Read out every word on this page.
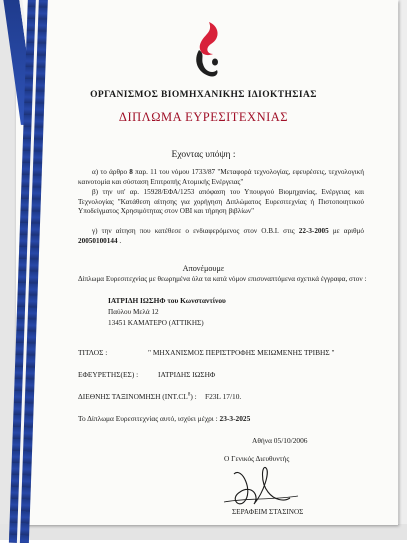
ΟΡΓΑΝΙΣΜΟΣ ΒΙΟΜΗΧΑΝΙΚΗΣ ΙΔΙΟΚΤΗΣΙΑΣ
ΔΙΠΛΩΜΑ ΕΥΡΕΣΙΤΕΧΝΙΑΣ
Εχοντας υπόψη :
α) το άρθρο 8 παρ. 11 του νόμου 1733/87 "Μεταφορά τεχνολογίας, εφευρέσεις, τεχνολογική καινοτομία και σύσταση Επιτροπής Ατομικής Ενέργειας"
β) την υπ' αρ. 15928/ΕΦΑ/1253 απόφαση του Υπουργού Βιομηχανίας, Ενέργειας και Τεχνολογίας "Κατάθεση αίτησης για χορήγηση Διπλώματος Ευρεσιτεχνίας ή Πιστοποιητικού Υποδείγματος Χρησιμότητας στον ΟΒΙ και τήρηση βιβλίων"
γ) την αίτηση που κατέθεσε ο ενδιαφερόμενος στον Ο.Β.Ι. στις 22-3-2005 με αριθμό 20050100144 .
Απονέμουμε
Δίπλωμα Ευρεσιτεχνίας με θεωρημένα όλα τα κατά νόμον επισυναπτόμενα σχετικά έγγραφα, στον :
ΙΑΤΡΙΔΗ ΙΩΣΗΦ του Κωνσταντίνου
Παύλου Μελά 12
13451 ΚΑΜΑΤΕΡΟ (ΑΤΤΙΚΗΣ)
ΤΙΤΛΟΣ :	" ΜΗΧΑΝΙΣΜΟΣ ΠΕΡΙΣΤΡΟΦΗΣ ΜΕΙΩΜΕΝΗΣ ΤΡΙΒΗΣ "
ΕΦΕΥΡΕΤΗΣ(ΕΣ) :	ΙΑΤΡΙΔΗΣ ΙΩΣΗΦ
ΔΙΕΘΝΗΣ ΤΑΞΙΝΟΜΗΣΗ $(INT.CL^8)$ : F23L 17/10.
Το Δίπλωμα Ευρεσιτεχνίας αυτό, ισχύει μέχρι : 23-3-2025
Αθήνα 05/10/2006
Ο Γενικός Διευθυντής
ΣΕΡΑΦΕΙΜ ΣΤΑΣΙΝΟΣ
